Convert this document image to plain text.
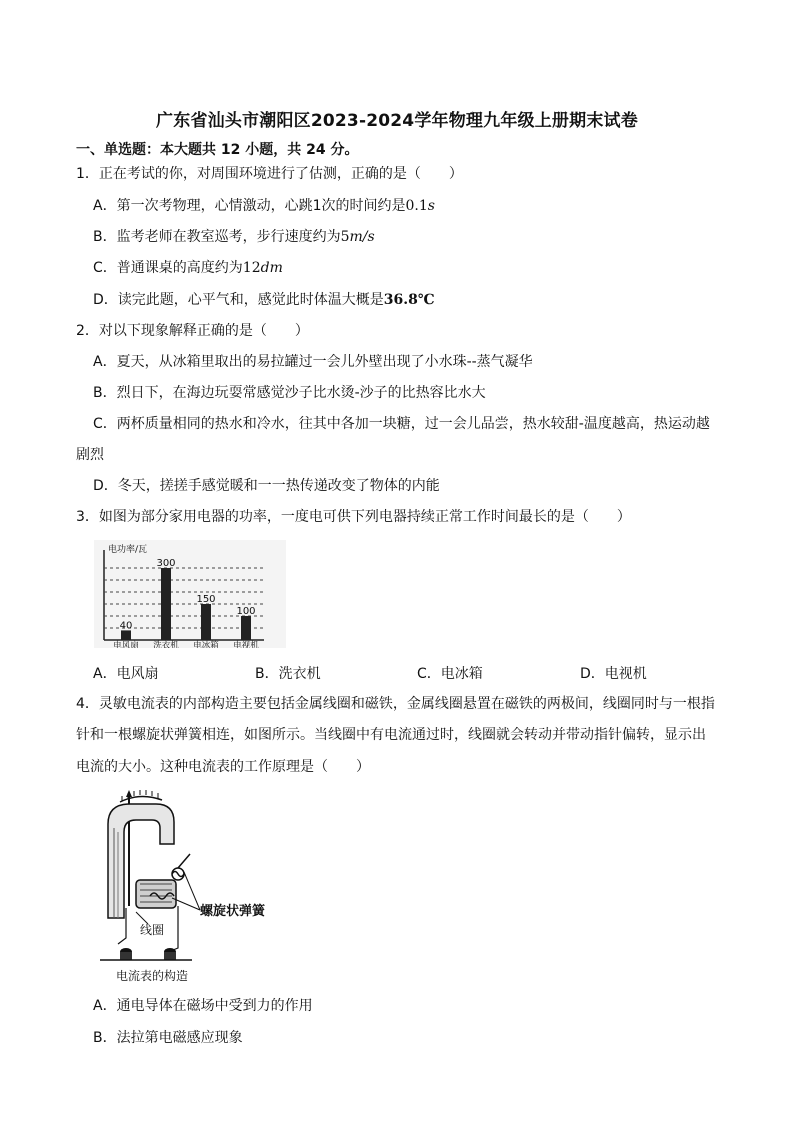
广东省汕头市潮阳区2023-2024学年物理九年级上册期末试卷
一、单选题：本大题共 12 小题，共 24 分。
1．正在考试的你，对周围环境进行了估测，正确的是（　　）
A．第一次考物理，心情激动，心跳1次的时间约是0.1s
B．监考老师在教室巡考，步行速度约为5m/s
C．普通课桌的高度约为12dm
D．读完此题，心平气和，感觉此时体温大概是36.8℃
2．对以下现象解释正确的是（　　）
A．夏天，从冰箱里取出的易拉罐过一会儿外壁出现了小水珠--蒸气凝华
B．烈日下，在海边玩耍常感觉沙子比水烫-沙子的比热容比水大
C．两杯质量相同的热水和冷水，往其中各加一块糖，过一会儿品尝，热水较甜-温度越高，热运动越
剧烈
D．冬天，搓搓手感觉暖和一一热传递改变了物体的内能
3．如图为部分家用电器的功率，一度电可供下列电器持续正常工作时间最长的是（　　）
40
300
150
100
电功率/瓦
电风扇 洗衣机 电冰箱 电视机
A．电风扇	B．洗衣机	C．电冰箱	D．电视机
4．灵敏电流表的内部构造主要包括金属线圈和磁铁，金属线圈悬置在磁铁的两极间，线圈同时与一根指
针和一根螺旋状弹簧相连，如图所示。当线圈中有电流通过时，线圈就会转动并带动指针偏转，显示出
电流的大小。这种电流表的工作原理是（　　）
螺旋状弹簧
线圈
电流表的构造
A．通电导体在磁场中受到力的作用
B．法拉第电磁感应现象
